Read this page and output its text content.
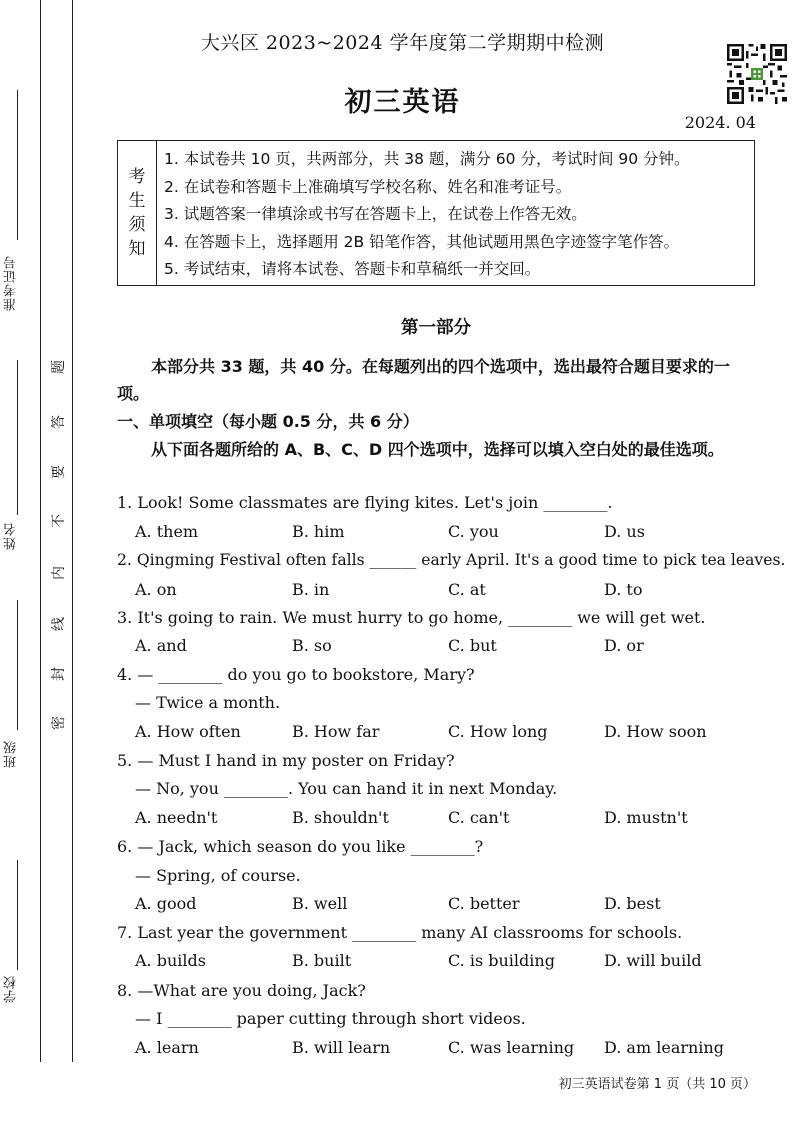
学校
班级
姓名
准考证号
密
封
线
内
不
要
答
题
大兴区 2023~2024 学年度第二学期期中检测
初三英语
2024. 04
考
生
须
知
1. 本试卷共 10 页，共两部分，共 38 题，满分 60 分，考试时间 90 分钟。
2. 在试卷和答题卡上准确填写学校名称、姓名和准考证号。
3. 试题答案一律填涂或书写在答题卡上，在试卷上作答无效。
4. 在答题卡上，选择题用 2B 铅笔作答，其他试题用黑色字迹签字笔作答。
5. 考试结束，请将本试卷、答题卡和草稿纸一并交回。
第一部分
本部分共 33 题，共 40 分。在每题列出的四个选项中，选出最符合题目要求的一项。
一、单项填空（每小题 0.5 分，共 6 分）
从下面各题所给的 A、B、C、D 四个选项中，选择可以填入空白处的最佳选项。
1. Look! Some classmates are flying kites. Let's join ________.
A. them	B. him	C. you	D. us
2. Qingming Festival often falls ______ early April. It's a good time to pick tea leaves.
A. on	B. in	C. at	D. to
3. It's going to rain. We must hurry to go home, ________ we will get wet.
A. and	B. so	C. but	D. or
4. — ________ do you go to bookstore, Mary?
— Twice a month.
A. How often	B. How far	C. How long	D. How soon
5. — Must I hand in my poster on Friday?
— No, you ________. You can hand it in next Monday.
A. needn't	B. shouldn't	C. can't	D. mustn't
6. — Jack, which season do you like ________?
— Spring, of course.
A. good	B. well	C. better	D. best
7. Last year the government ________ many AI classrooms for schools.
A. builds	B. built	C. is building	D. will build
8. —What are you doing, Jack?
— I ________ paper cutting through short videos.
A. learn	B. will learn	C. was learning D. am learning
初三英语试卷第 1 页（共 10 页）
